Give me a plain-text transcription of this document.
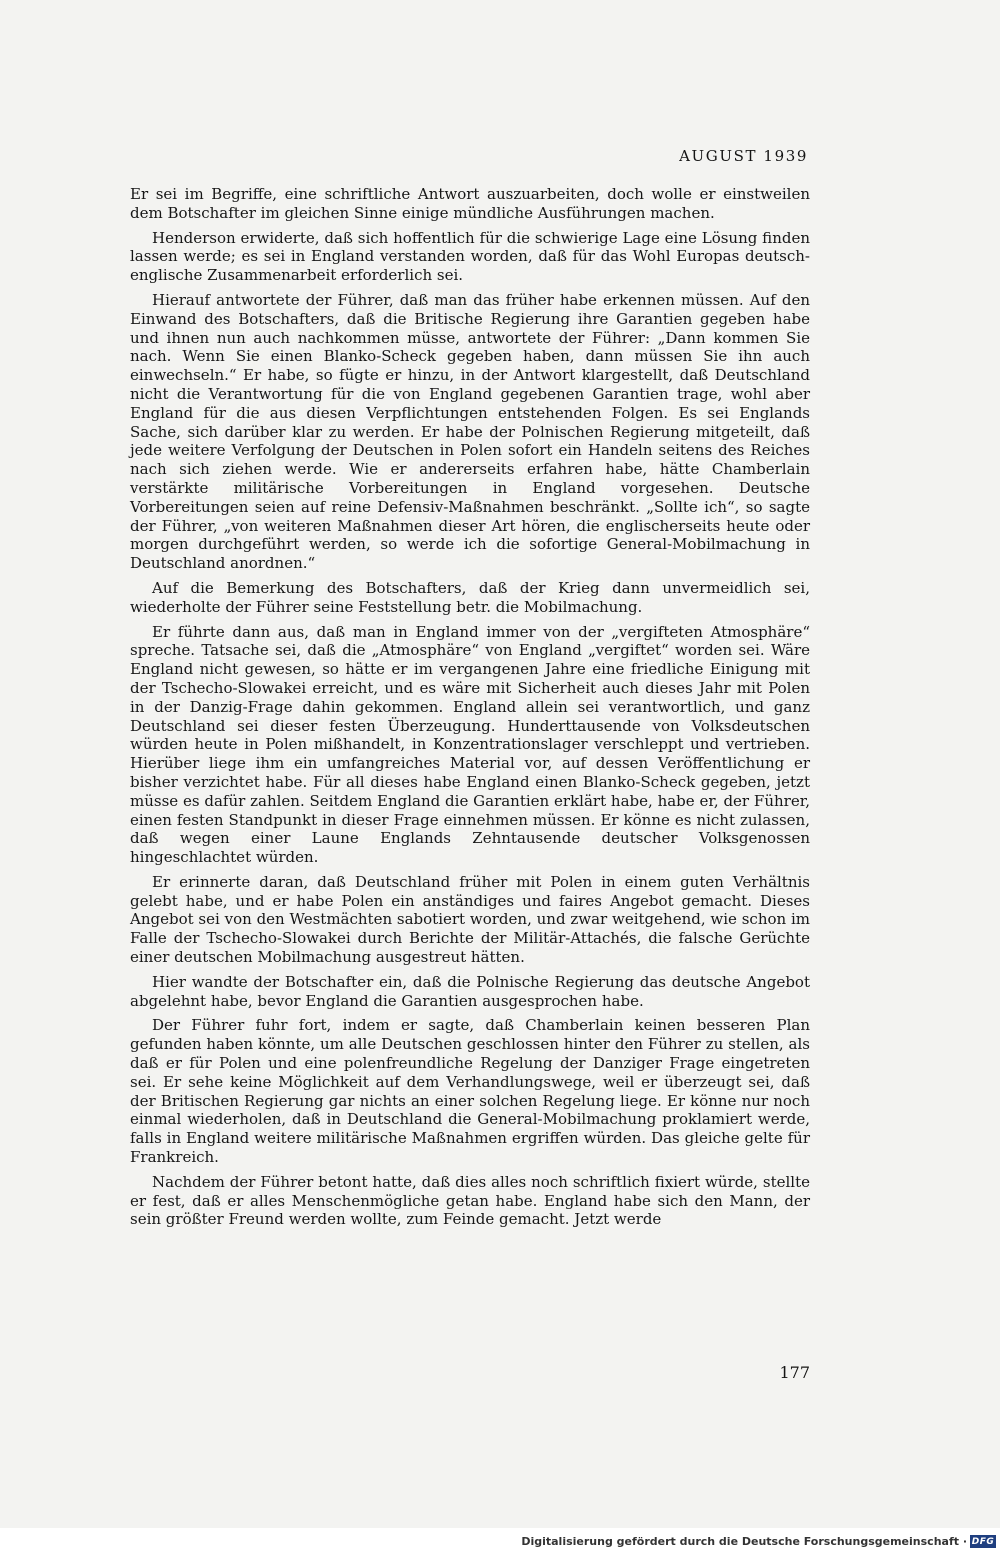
AUGUST 1939

Er sei im Begriffe, eine schriftliche Antwort auszuarbeiten, doch wolle er einstweilen dem Botschafter im gleichen Sinne einige mündliche Ausführungen machen.

Henderson erwiderte, daß sich hoffentlich für die schwierige Lage eine Lösung finden lassen werde; es sei in England verstanden worden, daß für das Wohl Europas deutsch-englische Zusammenarbeit erforderlich sei.

Hierauf antwortete der Führer, daß man das früher habe erkennen müssen. Auf den Einwand des Botschafters, daß die Britische Regierung ihre Garantien gegeben habe und ihnen nun auch nachkommen müsse, antwortete der Führer: „Dann kommen Sie nach. Wenn Sie einen Blanko-Scheck gegeben haben, dann müssen Sie ihn auch einwechseln.“ Er habe, so fügte er hinzu, in der Antwort klargestellt, daß Deutschland nicht die Verantwortung für die von England gegebenen Garantien trage, wohl aber England für die aus diesen Verpflichtungen entstehenden Folgen. Es sei Englands Sache, sich darüber klar zu werden. Er habe der Polnischen Regierung mitgeteilt, daß jede weitere Verfolgung der Deutschen in Polen sofort ein Handeln seitens des Reiches nach sich ziehen werde. Wie er andererseits erfahren habe, hätte Chamberlain verstärkte militärische Vorbereitungen in England vorgesehen. Deutsche Vorbereitungen seien auf reine Defensiv-Maßnahmen beschränkt. „Sollte ich“, so sagte der Führer, „von weiteren Maßnahmen dieser Art hören, die englischerseits heute oder morgen durchgeführt werden, so werde ich die sofortige General-Mobilmachung in Deutschland anordnen.“

Auf die Bemerkung des Botschafters, daß der Krieg dann unvermeidlich sei, wiederholte der Führer seine Feststellung betr. die Mobilmachung.

Er führte dann aus, daß man in England immer von der „vergifteten Atmosphäre“ spreche. Tatsache sei, daß die „Atmosphäre“ von England „vergiftet“ worden sei. Wäre England nicht gewesen, so hätte er im vergangenen Jahre eine friedliche Einigung mit der Tschecho-Slowakei erreicht, und es wäre mit Sicherheit auch dieses Jahr mit Polen in der Danzig-Frage dahin gekommen. England allein sei verantwortlich, und ganz Deutschland sei dieser festen Überzeugung. Hunderttausende von Volksdeutschen würden heute in Polen mißhandelt, in Konzentrationslager verschleppt und vertrieben. Hierüber liege ihm ein umfangreiches Material vor, auf dessen Veröffentlichung er bisher verzichtet habe. Für all dieses habe England einen Blanko-Scheck gegeben, jetzt müsse es dafür zahlen. Seitdem England die Garantien erklärt habe, habe er, der Führer, einen festen Standpunkt in dieser Frage einnehmen müssen. Er könne es nicht zulassen, daß wegen einer Laune Englands Zehntausende deutscher Volksgenossen hingeschlachtet würden.

Er erinnerte daran, daß Deutschland früher mit Polen in einem guten Verhältnis gelebt habe, und er habe Polen ein anständiges und faires Angebot gemacht. Dieses Angebot sei von den Westmächten sabotiert worden, und zwar weitgehend, wie schon im Falle der Tschecho-Slowakei durch Berichte der Militär-Attachés, die falsche Gerüchte einer deutschen Mobilmachung ausgestreut hätten.

Hier wandte der Botschafter ein, daß die Polnische Regierung das deutsche Angebot abgelehnt habe, bevor England die Garantien ausgesprochen habe.

Der Führer fuhr fort, indem er sagte, daß Chamberlain keinen besseren Plan gefunden haben könnte, um alle Deutschen geschlossen hinter den Führer zu stellen, als daß er für Polen und eine polenfreundliche Regelung der Danziger Frage eingetreten sei. Er sehe keine Möglichkeit auf dem Verhandlungswege, weil er überzeugt sei, daß der Britischen Regierung gar nichts an einer solchen Regelung liege. Er könne nur noch einmal wiederholen, daß in Deutschland die General-Mobilmachung proklamiert werde, falls in England weitere militärische Maßnahmen ergriffen würden. Das gleiche gelte für Frankreich.

Nachdem der Führer betont hatte, daß dies alles noch schriftlich fixiert würde, stellte er fest, daß er alles Menschenmögliche getan habe. England habe sich den Mann, der sein größter Freund werden wollte, zum Feinde gemacht. Jetzt werde

177
Digitalisierung gefördert durch die Deutsche Forschungsgemeinschaft · DFG
